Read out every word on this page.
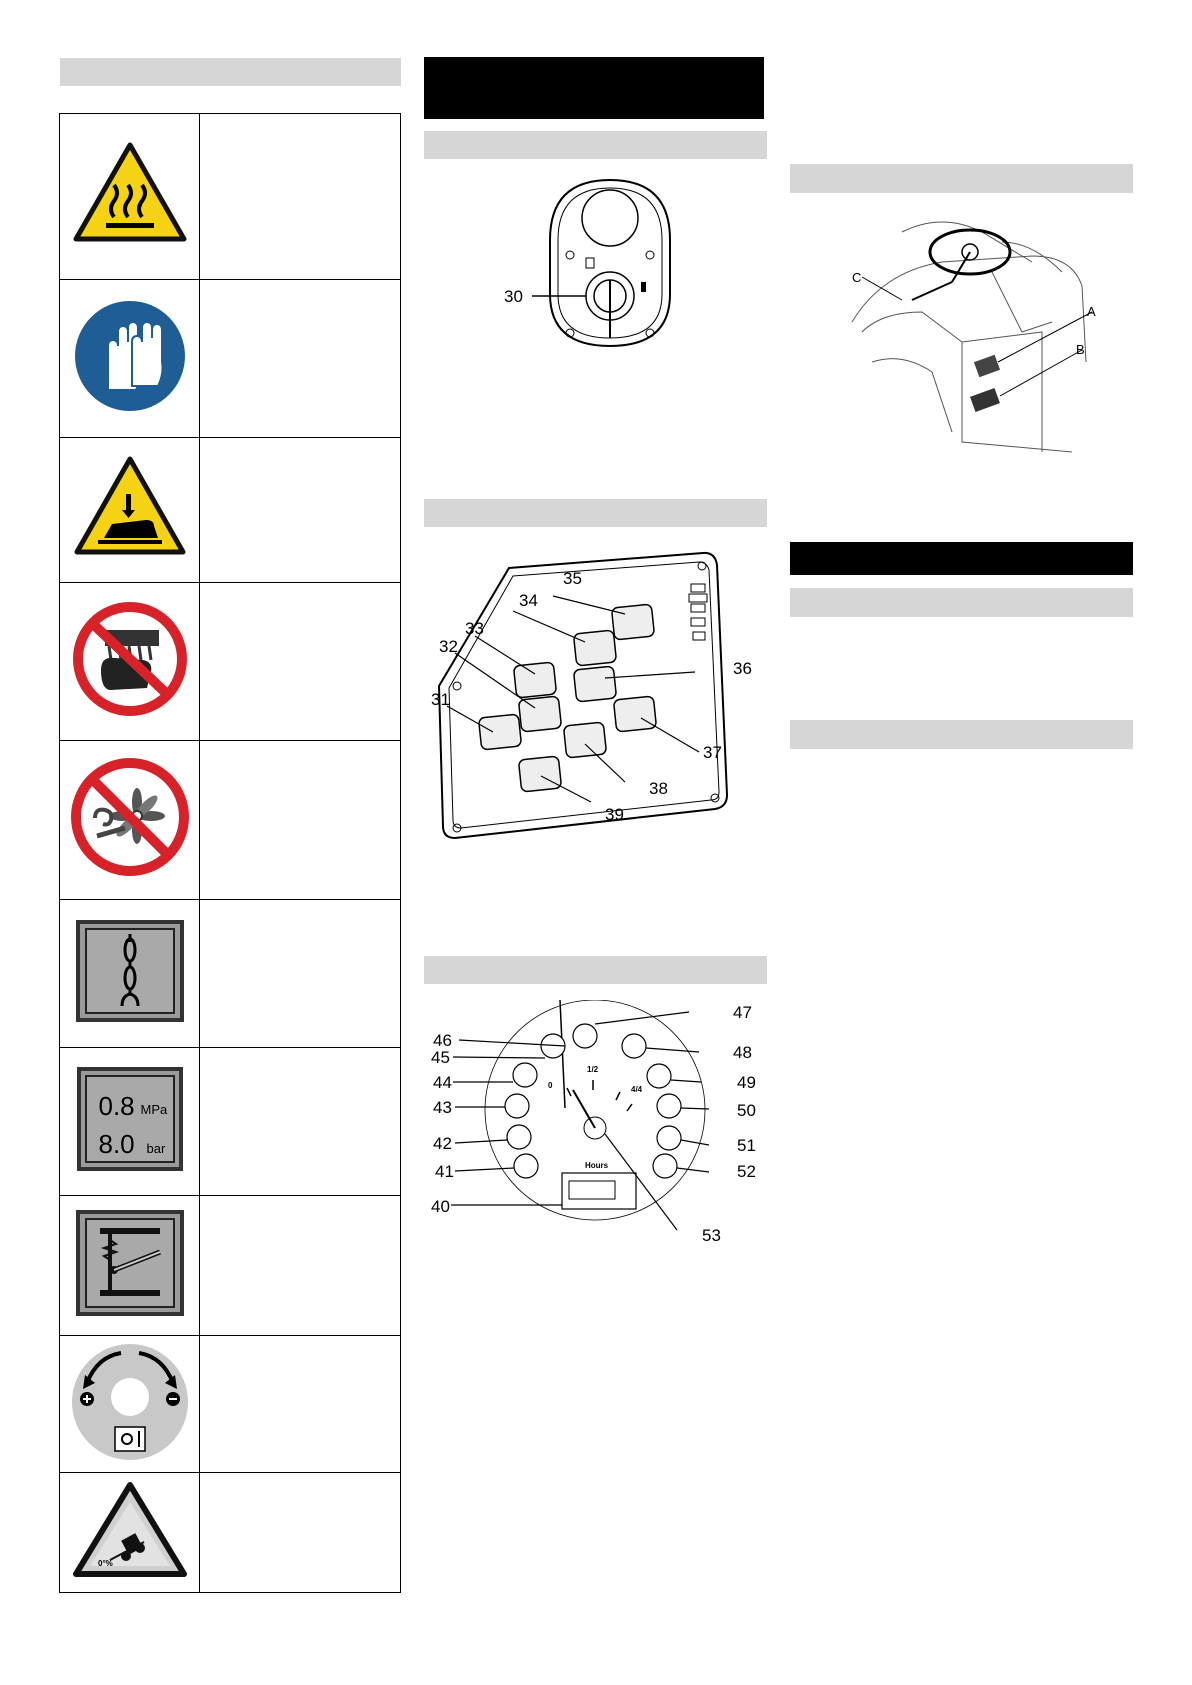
0.8 MPa
8.0 bar	

0°%	

30
31
32
33
34
35
36
37
38
39
0
1/2
4/4
Hours
40
41
42
43
44
45
46
47
48
49
50
51
52
53
C
A
B
